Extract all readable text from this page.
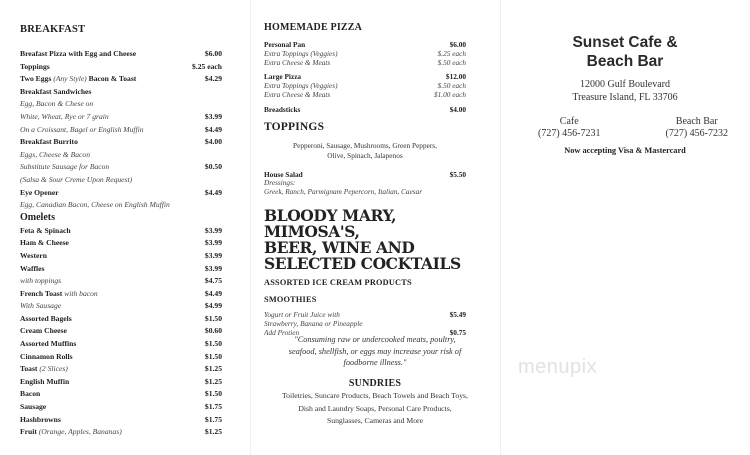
BREAKFAST
Breafast Pizza with Egg and Cheese	$6.00
Toppings	$.25 each
Two Eggs (Any Style) Bacon & Toast	$4.29
Breakfast Sandwiches
Egg, Bacon & Chese on
White, Wheat, Rye or 7 grain	$3.99
On a Croissant, Bagel or English Muffin	$4.49
Breakfast Burrito	$4.00
Eggs, Cheese & Bacon
Substitute Sausage for Bacon	$0.50
(Salsa & Sour Creme Upon Request)
Eye Opener	$4.49
Egg, Canadian Bacon, Cheese on English Muffin
Omelets
Feta & Spinach	$3.99
Ham & Cheese	$3.99
Western	$3.99
Waffles	$3.99
with toppings	$4.75
French Toast with bacon	$4.49
With Sausage	$4.99
Assorted Bagels	$1.50
Cream Cheese	$0.60
Assorted Muffins	$1.50
Cinnamon Rolls	$1.50
Toast (2 Slices)	$1.25
English Muffin	$1.25
Bacon	$1.50
Sausage	$1.75
Hashbrowns	$1.75
Fruit (Orange, Apples, Bananas)	$1.25
HOMEMADE PIZZA
Personal Pan	$6.00
Extra Toppings (Veggies)	$.25 each
Extra Cheese & Meats	$.50 each
Large Pizza	$12.00
Extra Toppings (Veggies)	$.50 each
Extra Cheese & Meats	$1.00 each
Breadsticks	$4.00
TOPPINGS
Pepperoni, Sausage, Mushrooms, Green Peppers,
Olive, Spinach, Jalapenos
House Salad	$5.50
Dressings:
Greek, Ranch, Parmignam Pepercorn, Italian, Caesar
BLOODY MARY, MIMOSA'S,
BEER, WINE AND
SELECTED COCKTAILS
ASSORTED ICE CREAM PRODUCTS
SMOOTHIES
Yogurt or Fruit Juice with	$5.49
Strawberry, Banana or Pineapple
Add Protien	$0.75
"Consuming raw or undercooked meats, poultry,
seafood, shellfish, or eggs may increase your risk of
foodborne illness."
SUNDRIES
Toiletries, Suncare Products, Beach Towels and Beach Toys,
Dish and Laundry Soaps, Personal Care Products,
Sunglasses, Cameras and More
Sunset Cafe &
Beach Bar
12000 Gulf Boulevard
Treasure Island, FL 33706
Cafe
(727) 456-7231
Beach Bar
(727) 456-7232
Now accepting Visa & Mastercard
menupix
